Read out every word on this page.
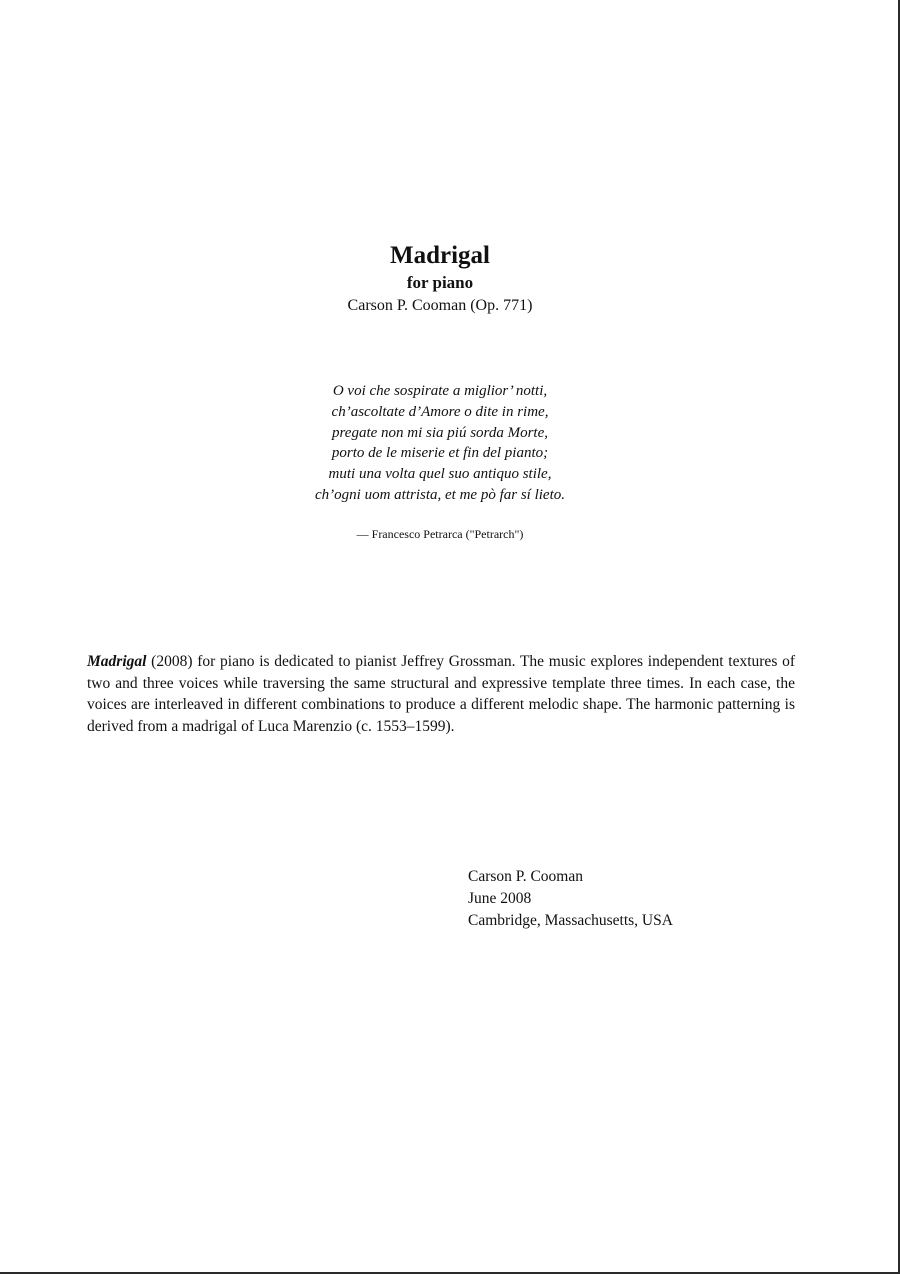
Madrigal
for piano
Carson P. Cooman (Op. 771)
O voi che sospirate a miglior’ notti,
ch’ascoltate d’Amore o dite in rime,
pregate non mi sia piú sorda Morte,
porto de le miserie et fin del pianto;
muti una volta quel suo antiquo stile,
ch’ogni uom attrista, et me pò far sí lieto.
— Francesco Petrarca ("Petrarch")
Madrigal (2008) for piano is dedicated to pianist Jeffrey Grossman. The music explores independent textures of two and three voices while traversing the same structural and expressive template three times. In each case, the voices are interleaved in different combinations to produce a different melodic shape. The harmonic patterning is derived from a madrigal of Luca Marenzio (c. 1553–1599).
Carson P. Cooman
June 2008
Cambridge, Massachusetts, USA
